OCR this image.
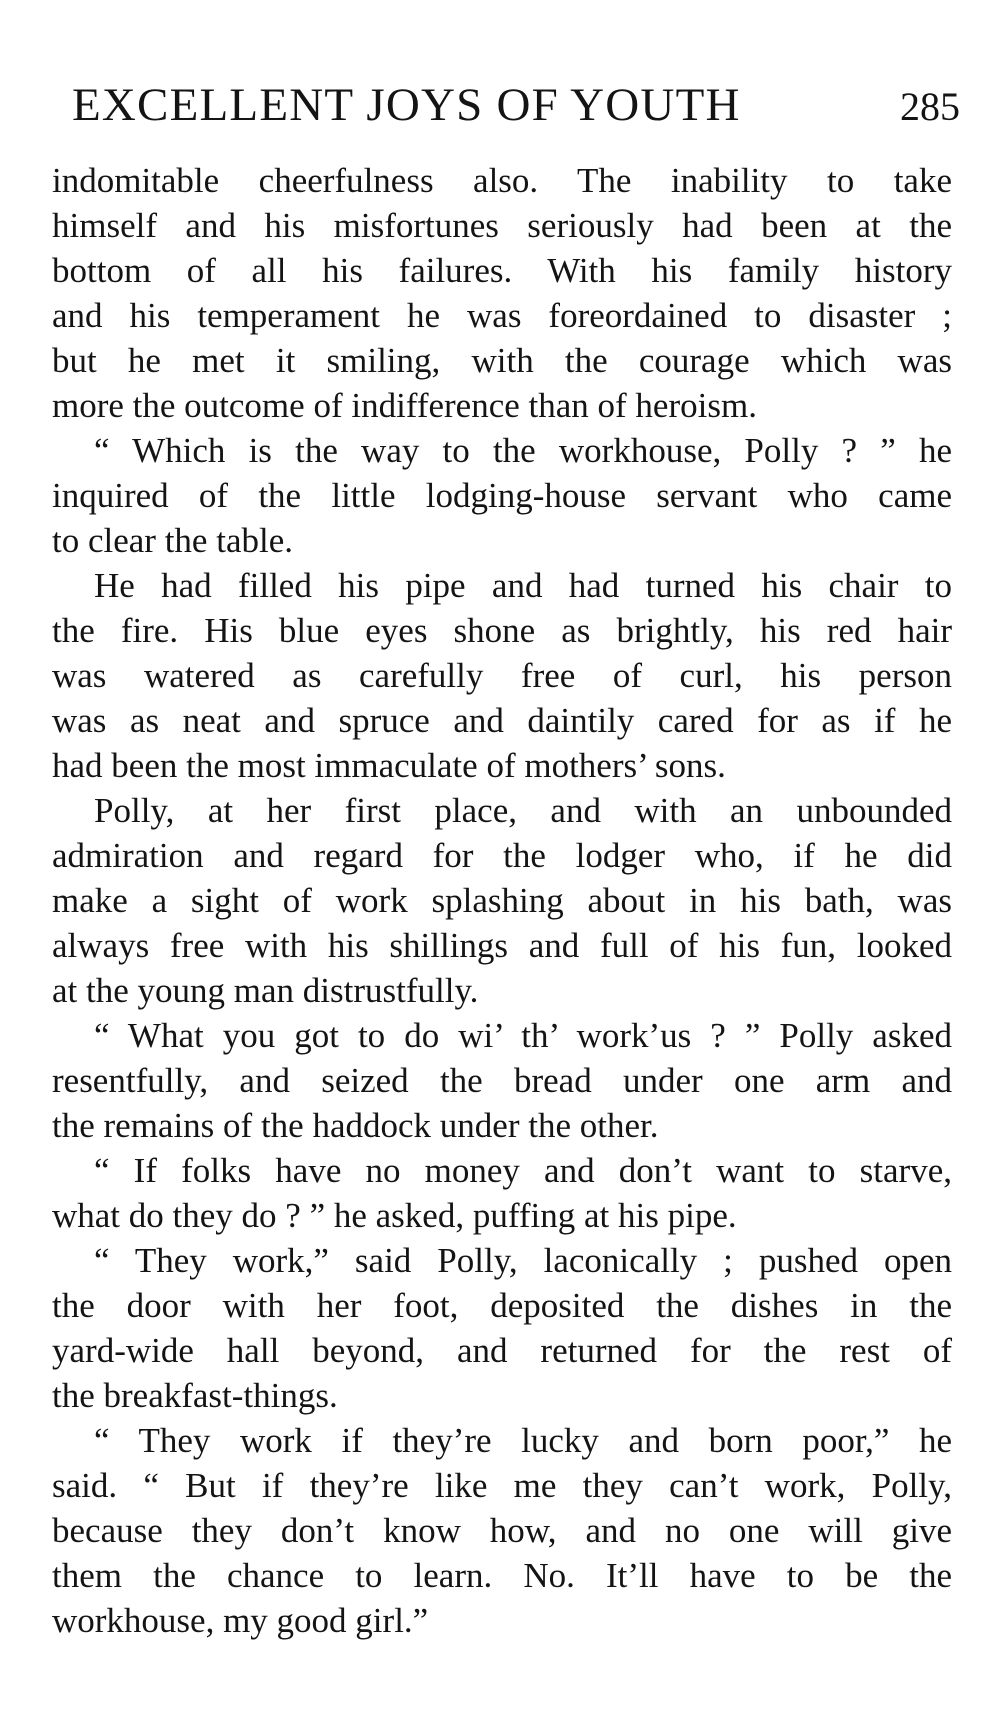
EXCELLENT JOYS OF YOUTH	285

indomitable cheerfulness also. The inability to take
himself and his misfortunes seriously had been at the
bottom of all his failures. With his family history
and his temperament he was foreordained to disaster ;
but he met it smiling, with the courage which was
more the outcome of indifference than of heroism.

“ Which is the way to the workhouse, Polly ? ” he
inquired of the little lodging-house servant who came
to clear the table.

He had filled his pipe and had turned his chair to
the fire. His blue eyes shone as brightly, his red hair
was watered as carefully free of curl, his person
was as neat and spruce and daintily cared for as if he
had been the most immaculate of mothers’ sons.

Polly, at her first place, and with an unbounded
admiration and regard for the lodger who, if he did
make a sight of work splashing about in his bath, was
always free with his shillings and full of his fun, looked
at the young man distrustfully.

“ What you got to do wi’ th’ work’us ? ” Polly asked
resentfully, and seized the bread under one arm and
the remains of the haddock under the other.

“ If folks have no money and don’t want to starve,
what do they do ? ” he asked, puffing at his pipe.

“ They work,” said Polly, laconically ; pushed open
the door with her foot, deposited the dishes in the
yard-wide hall beyond, and returned for the rest of
the breakfast-things.

“ They work if they’re lucky and born poor,” he
said. “ But if they’re like me they can’t work, Polly,
because they don’t know how, and no one will give
them the chance to learn. No. It’ll have to be the
workhouse, my good girl.”
